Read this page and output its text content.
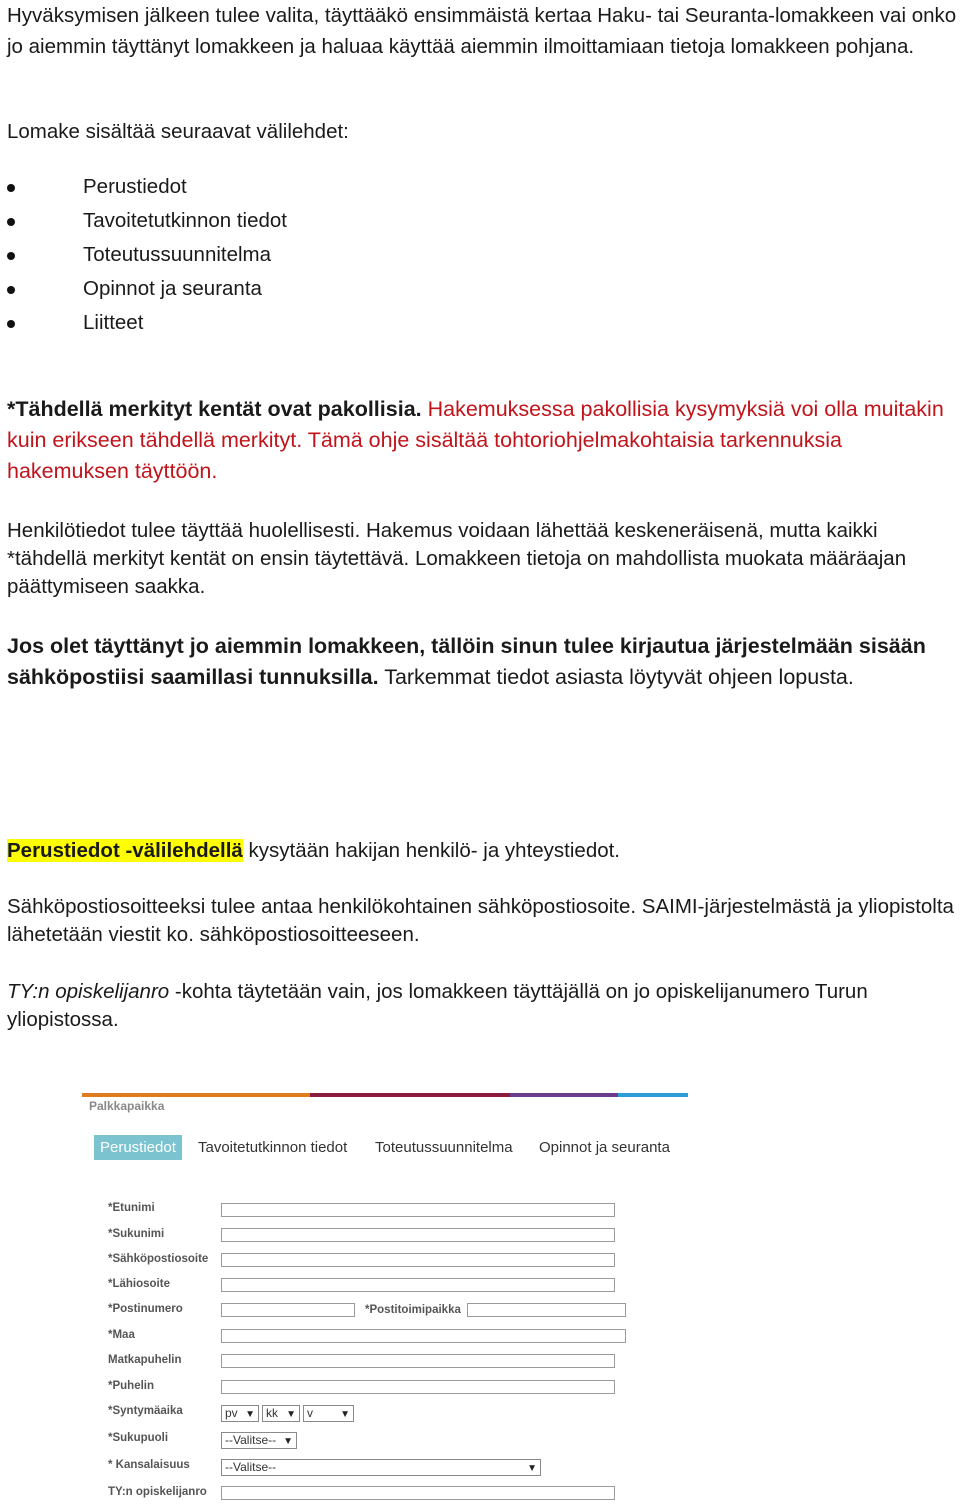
Hyväksymisen jälkeen tulee valita, täyttääkö ensimmäistä kertaa Haku- tai Seuranta-lomakkeen vai onko jo aiemmin täyttänyt lomakkeen ja haluaa käyttää aiemmin ilmoittamiaan tietoja lomakkeen pohjana.
Lomake sisältää seuraavat välilehdet:
Perustiedot
Tavoitetutkinnon tiedot
Toteutussuunnitelma
Opinnot ja seuranta
Liitteet
*Tähdellä merkityt kentät ovat pakollisia. Hakemuksessa pakollisia kysymyksiä voi olla muitakin kuin erikseen tähdellä merkityt. Tämä ohje sisältää tohtoriohjelmakohtaisia tarkennuksia hakemuksen täyttöön.
Henkilötiedot tulee täyttää huolellisesti. Hakemus voidaan lähettää keskeneräisenä, mutta kaikki *tähdellä merkityt kentät on ensin täytettävä. Lomakkeen tietoja on mahdollista muokata määräajan päättymiseen saakka.
Jos olet täyttänyt jo aiemmin lomakkeen, tällöin sinun tulee kirjautua järjestelmään sisään sähköpostiisi saamillasi tunnuksilla. Tarkemmat tiedot asiasta löytyvät ohjeen lopusta.
Perustiedot -välilehdellä kysytään hakijan henkilö- ja yhteystiedot.
Sähköpostiosoitteeksi tulee antaa henkilökohtainen sähköpostiosoite. SAIMI-järjestelmästä ja yliopistolta lähetetään viestit ko. sähköpostiosoitteeseen.
TY:n opiskelijanro -kohta täytetään vain, jos lomakkeen täyttäjällä on jo opiskelijanumero Turun yliopistossa.
Palkkapaikka
Perustiedot	Tavoitetutkinnon tiedot	Toteutussuunnitelma	Opinnot ja seuranta
*Etunimi
*Sukunimi
*Sähköpostiosoite
*Lähiosoite
*Postinumero	*Postitoimipaikka
*Maa
Matkapuhelin
*Puhelin
*Syntymäaika	pv ▼ kk ▼ v	▼
*Sukupuoli	--Valitse-- ▼
* Kansalaisuus	--Valitse--	▼
TY:n opiskelijanro
